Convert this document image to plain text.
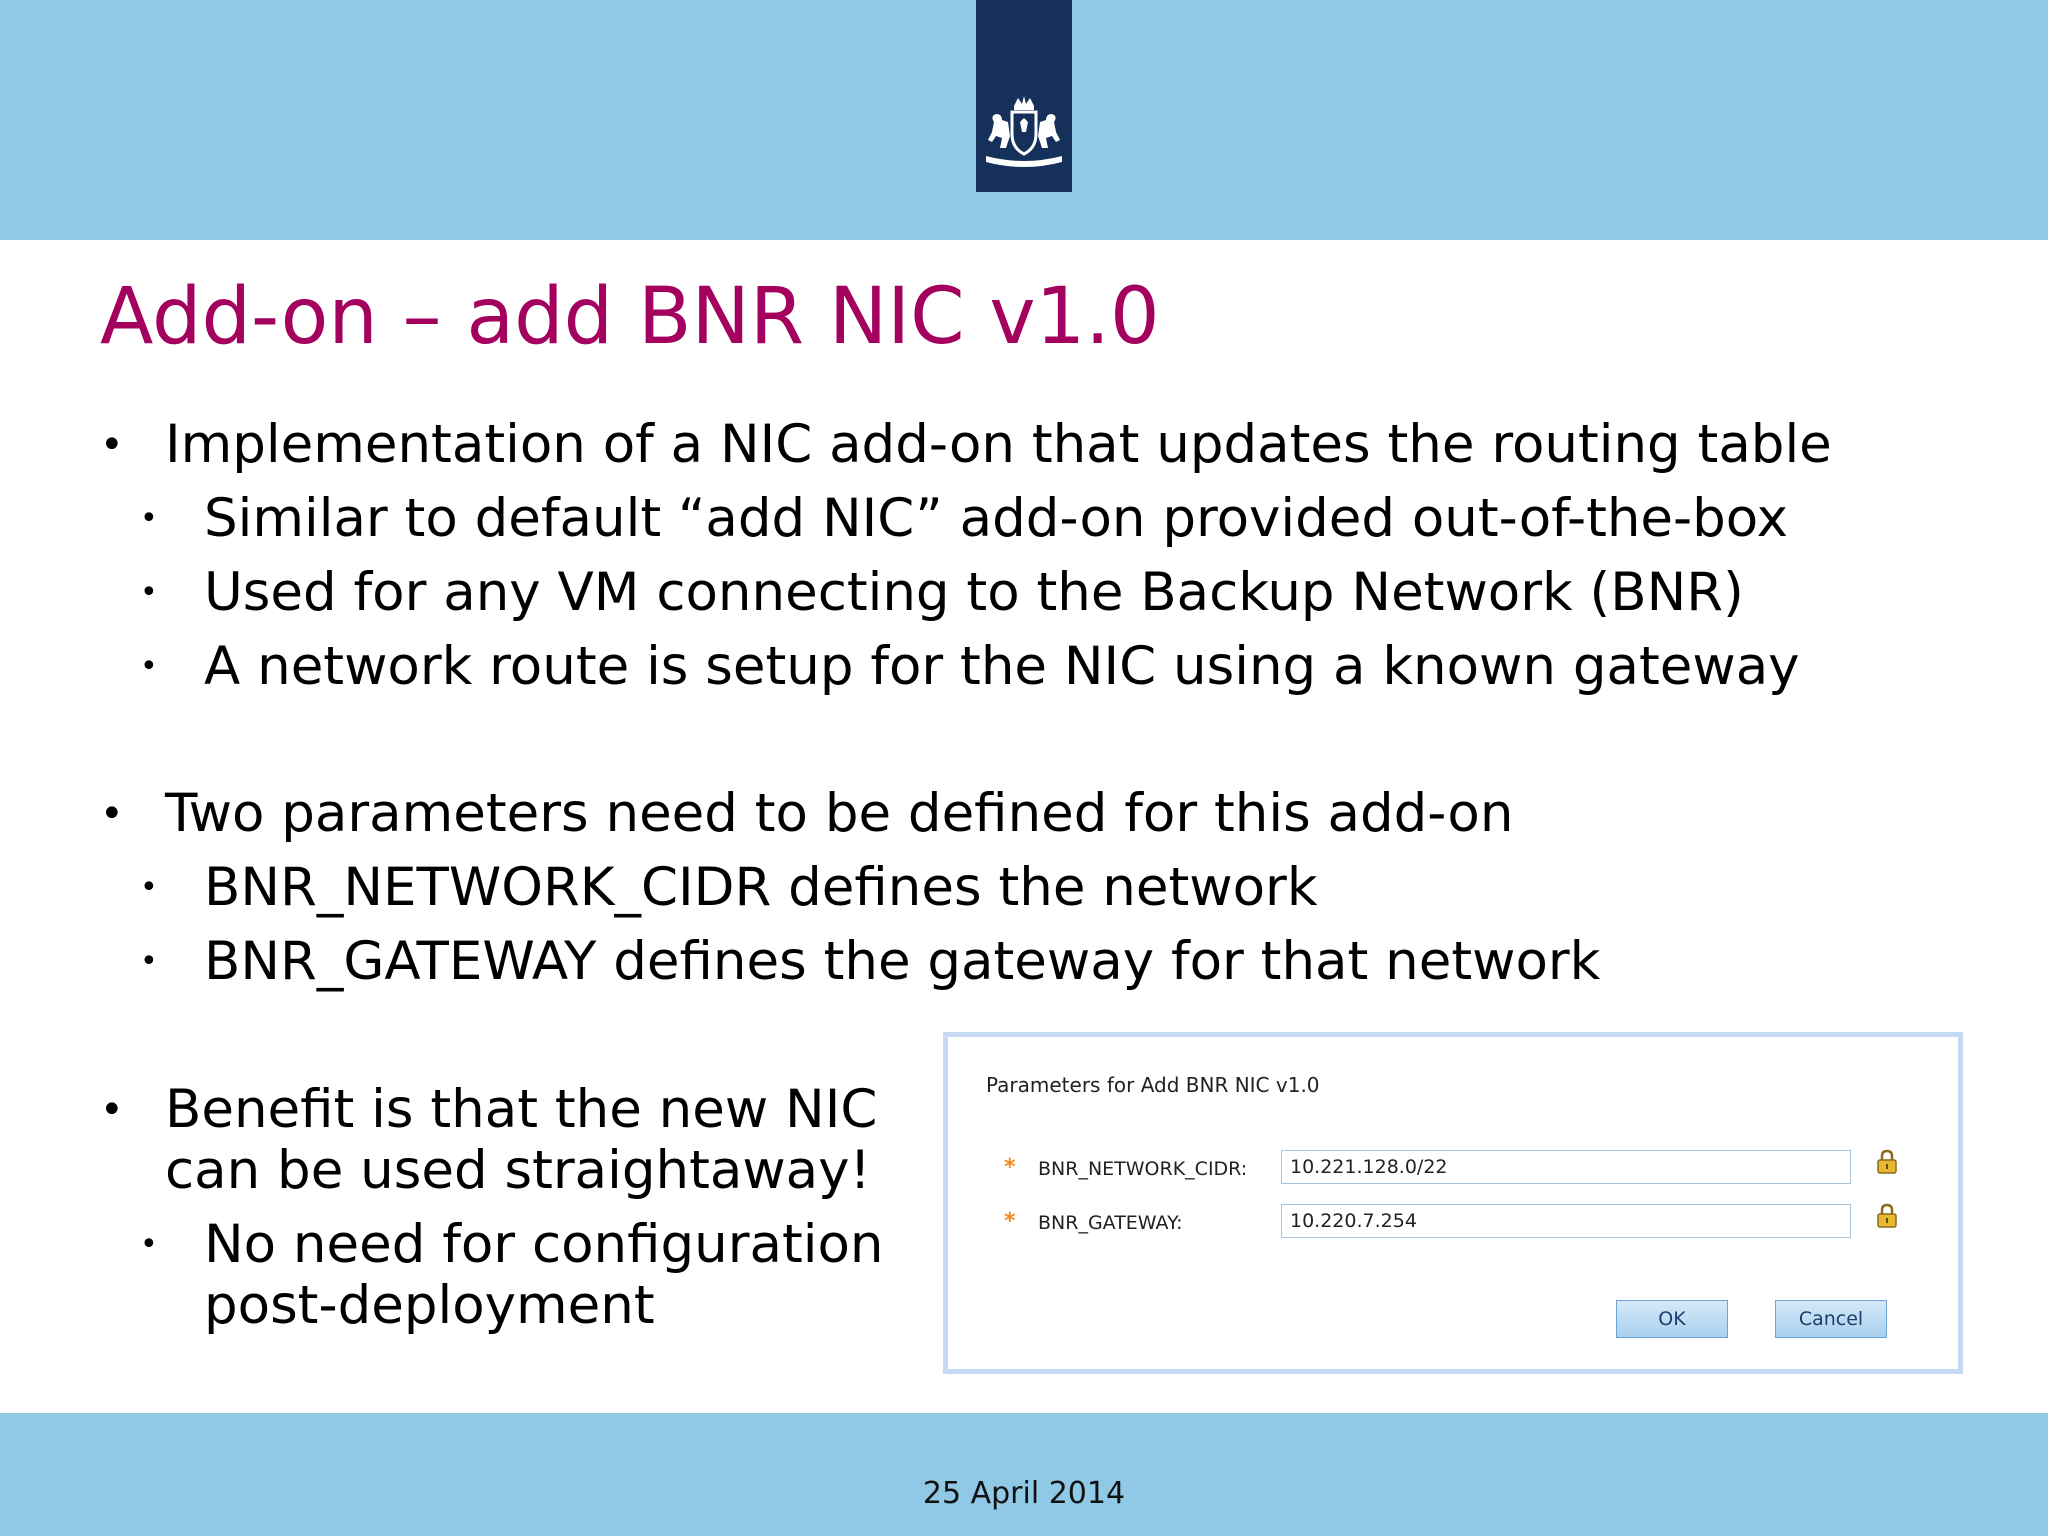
Add-on – add BNR NIC v1.0
• Implementation of a NIC add-on that updates the routing table
• Similar to default “add NIC” add-on provided out-of-the-box
• Used for any VM connecting to the Backup Network (BNR)
• A network route is setup for the NIC using a known gateway
• Two parameters need to be defined for this add-on
• BNR_NETWORK_CIDR defines the network
• BNR_GATEWAY defines the gateway for that network
• Benefit is that the new NIC
can be used straightaway!
• No need for configuration
post-deployment
Parameters for Add BNR NIC v1.0
* BNR_NETWORK_CIDR:
10.221.128.0/22
* BNR_GATEWAY:
10.220.7.254
OK	Cancel
25 April 2014
